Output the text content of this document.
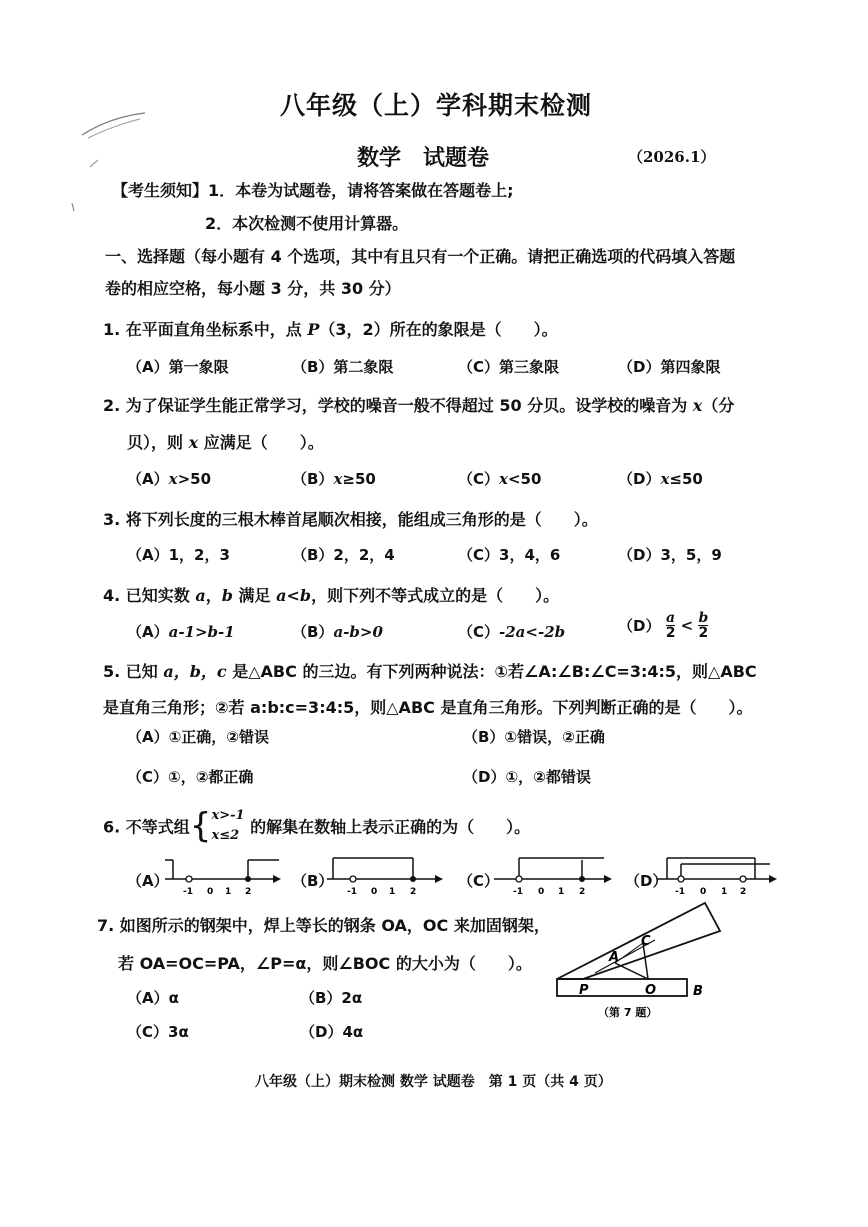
八年级（上）学科期末检测
数学　试题卷	（2026.1）
【考生须知】1．本卷为试题卷，请将答案做在答题卷上;
2．本次检测不使用计算器。
一、选择题（每小题有 4 个选项，其中有且只有一个正确。请把正确选项的代码填入答题
卷的相应空格，每小题 3 分，共 30 分）
1. 在平面直角坐标系中，点 P（3，2）所在的象限是（　　）。
（A）第一象限	（B）第二象限	（C）第三象限	（D）第四象限
2. 为了保证学生能正常学习，学校的噪音一般不得超过 50 分贝。设学校的噪音为 x（分
贝），则 x 应满足（　　）。
（A）x>50	（B）x≥50	（C）x<50	（D）x≤50
3. 将下列长度的三根木棒首尾顺次相接，能组成三角形的是（　　）。
（A）1，2，3	（B）2，2，4	（C）3，4，6	（D）3，5，9
4. 已知实数 a，b 满足 a<b，则下列不等式成立的是（　　）。
（A）a-1>b-1	（B）a-b>0	（C）-2a<-2b	$(D) \frac{a}{2} < \frac{b}{2}$
5. 已知 a，b，c 是△ABC 的三边。有下列两种说法：①若∠A:∠B:∠C=3:4:5，则△ABC
是直角三角形；②若 a:b:c=3:4:5，则△ABC 是直角三角形。下列判断正确的是（　　）。
（A）①正确，②错误	（B）①错误，②正确
（C）①，②都正确	（D）①，②都错误
6. 不等式组{ x>-1
x≤2 的解集在数轴上表示正确的为（　　）。
（A）	（B）	（C）	（D）
-1 0 1 2	-1 0 1 2	-1 0 1 2	-1 0 1 2
7. 如图所示的钢架中，焊上等长的钢条 OA，OC 来加固钢架，
若 OA=OC=PA，∠P=α，则∠BOC 的大小为（　　）。
（A）α	（B）2α
（C）3α	（D）4α
A
C
P	O	B
（第 7 题）
八年级（上）期末检测 数学 试题卷　第 1 页（共 4 页）
